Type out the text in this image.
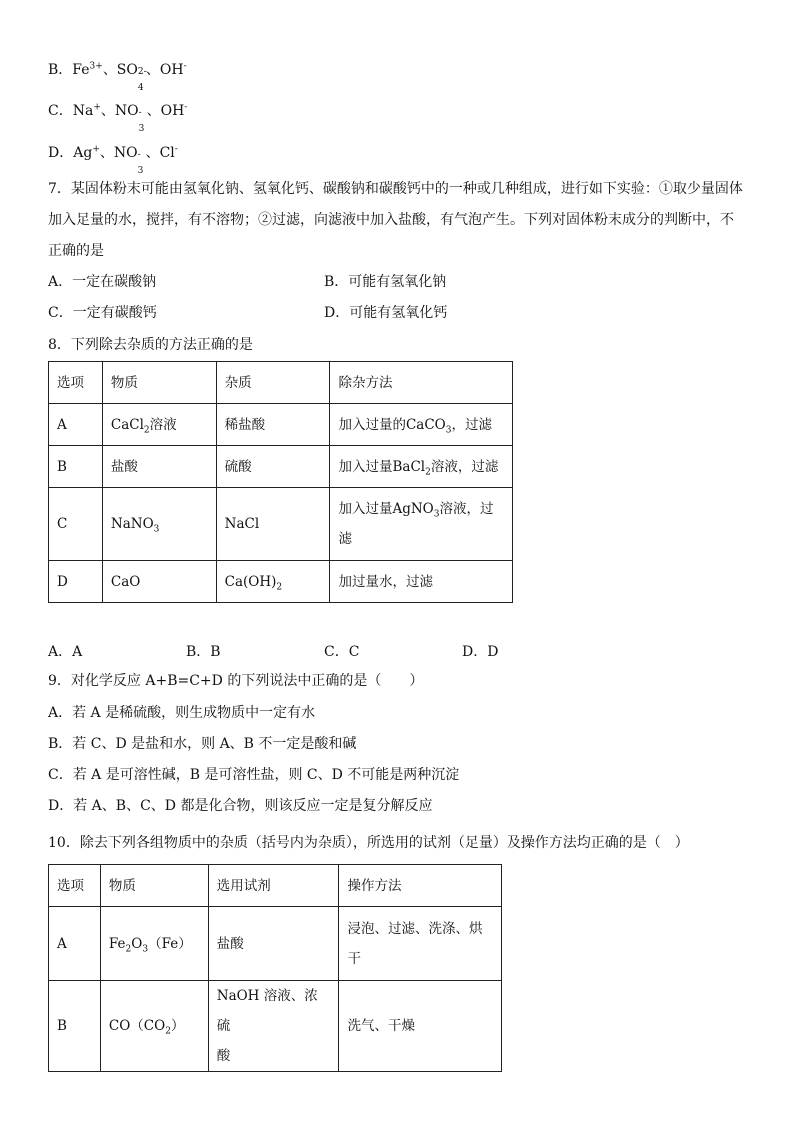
B．$Fe^{3+}$、SO 2-
4
、OH-
C．Na+、NO -
3
、OH-
D．Ag+、NO -
3
、Cl-
7．某固体粉末可能由氢氧化钠、氢氧化钙、碳酸钠和碳酸钙中的一种或几种组成，进行如下实验：①取少量固体
加入足量的水，搅拌，有不溶物；②过滤，向滤液中加入盐酸，有气泡产生。下列对固体粉末成分的判断中，不
正确的是
A．一定在碳酸钠	B．可能有氢氧化钠
C．一定有碳酸钙	D．可能有氢氧化钙
8．下列除去杂质的方法正确的是
选项	物质	杂质	除杂方法
A	CaCl$_2$溶液	稀盐酸	加入过量的CaCO$_3$，过滤
B	盐酸	硫酸	加入过量BaCl$_2$溶液，过滤
C	NaNO$_3$	NaCl	加入过量AgNO$_3$溶液，过
滤
D	CaO	$Ca(OH)_2$	加过量水，过滤
A．A	B．B	C．C	D．D
9．对化学反应 A+B=C+D 的下列说法中正确的是（　　）
A．若 A 是稀硫酸，则生成物质中一定有水
B．若 C、D 是盐和水，则 A、B 不一定是酸和碱
C．若 A 是可溶性碱，B 是可溶性盐，则 C、D 不可能是两种沉淀
D．若 A、B、C、D 都是化合物，则该反应一定是复分解反应
10．除去下列各组物质中的杂质（括号内为杂质），所选用的试剂（足量）及操作方法均正确的是（　）
选项	物质	选用试剂	操作方法
A	$Fe_2O_3(Fe)$	盐酸	浸泡、过滤、洗涤、烘
干
B	$CO(CO_2)$	NaOH 溶液、浓硫
酸	洗气、干燥
